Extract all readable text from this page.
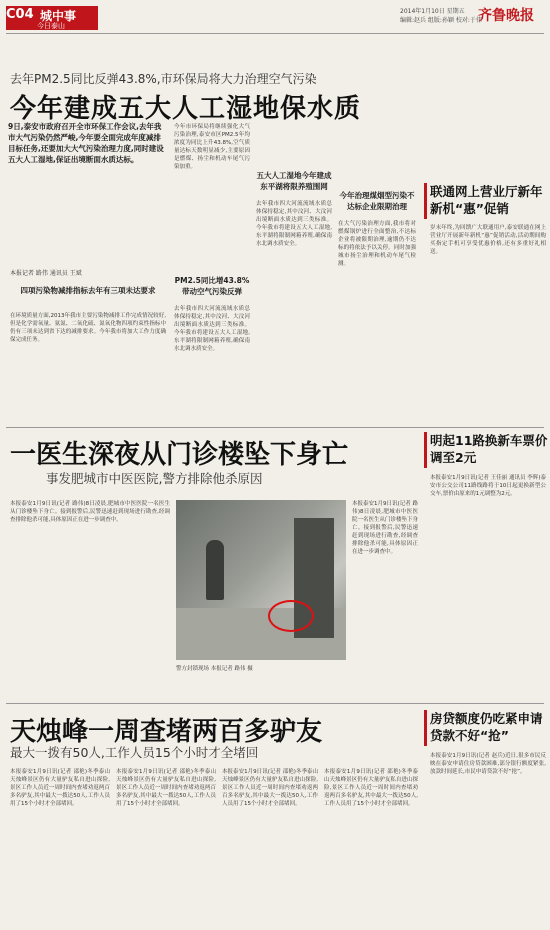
C04 城中事
今日泰山
2014年1月10日 星期五
编辑:赵兵 组版:孙颖 校对:于伟
齐鲁晚报
去年PM2.5同比反弹43.8%,市环保局将大力治理空气污染
今年建成五大人工湿地保水质
9日,泰安市政府召开全市环保工作会议,去年我市大气污染仍然严峻,今年要全面完成年度减排目标任务,还要加大大气污染治理力度,同时建设五大人工湿地,保证出境断面水质达标。
本报记者 路伟 通讯员 王斌
四项污染物减排指标去年有三项未达要求
在环境质量方面,2013年我市主要污染物减排工作完成情况较好,但是化学需氧量、氨氮、二氧化硫、氮氧化物四项约束性指标中仍有三项未达到省下达的减排要求。今年我市将加大工作力度确保完成任务。
今年市环保局将继续强化大气污染治理,泰安市区PM2.5年均浓度为同比上升43.8%,空气质量达标天数明显减少,主要原因是燃煤、扬尘和机动车尾气污染加重。
PM2.5同比增43.8% 带动空气污染反弹
去年我市四大河流流域水质总体保持稳定,其中汶河、大汶河出境断面水质达到三类标准。今年我市将建设五大人工湿地,东平湖将限制网箱养殖,确保南水北调水质安全。
五大人工湿地今年建成东平湖将限养殖围网
去年我市四大河流流域水质总体保持稳定,其中汶河、大汶河出境断面水质达到三类标准。今年我市将建设五大人工湿地,东平湖将限制网箱养殖,确保南水北调水质安全。
今年治理煤烟型污染不达标企业限期治理
在大气污染治理方面,我市将对燃煤锅炉进行全面整治,不达标企业将被限期治理,逾期仍不达标的将依法予以关停。同时加强城市扬尘治理和机动车尾气检测。
联通网上营业厅新年新机“惠”促销
岁末年终,为回馈广大联通用户,泰安联通在网上营业厅开展新年新机“惠”促销活动,活动期间购买指定手机可享受优惠价格,还有多重好礼相送。
一医生深夜从门诊楼坠下身亡
事发肥城市中医医院,警方排除他杀原因
本报泰安1月9日讯(记者 路伟)8日凌晨,肥城市中医医院一名医生从门诊楼坠下身亡。接到报警后,民警迅速赶到现场进行勘查,经调查排除他杀可能,具体原因正在进一步调查中。
警方封锁现场 本报记者 路伟 摄
本报泰安1月9日讯(记者 路伟)8日凌晨,肥城市中医医院一名医生从门诊楼坠下身亡。接到报警后,民警迅速赶到现场进行勘查,经调查排除他杀可能,具体原因正在进一步调查中。
明起11路换新车票价调至2元
本报泰安1月9日讯(记者 王佳丽 通讯员 李辉)泰安市公交公司11路线路将于10日起更换新型公交车,票价由原来的1元调整为2元。
天烛峰一周查堵两百多驴友
最大一拨有50人,工作人员15个小时才全堵回
本报泰安1月9日讯(记者 邵艳)冬季泰山天烛峰景区仍有大量驴友私自进山探险,景区工作人员近一周时间内查堵劝返两百多名驴友,其中最大一拨达50人,工作人员用了15个小时才全部堵回。
本报泰安1月9日讯(记者 邵艳)冬季泰山天烛峰景区仍有大量驴友私自进山探险,景区工作人员近一周时间内查堵劝返两百多名驴友,其中最大一拨达50人,工作人员用了15个小时才全部堵回。
本报泰安1月9日讯(记者 邵艳)冬季泰山天烛峰景区仍有大量驴友私自进山探险,景区工作人员近一周时间内查堵劝返两百多名驴友,其中最大一拨达50人,工作人员用了15个小时才全部堵回。
本报泰安1月9日讯(记者 邵艳)冬季泰山天烛峰景区仍有大量驴友私自进山探险,景区工作人员近一周时间内查堵劝返两百多名驴友,其中最大一拨达50人,工作人员用了15个小时才全部堵回。
房贷额度仍吃紧申请贷款不好“抢”
本报泰安1月9日讯(记者 赵兵)近日,很多市民反映在泰安申请住房贷款困难,部分银行额度紧张,放款时间延长,市民申请贷款不好“抢”。
